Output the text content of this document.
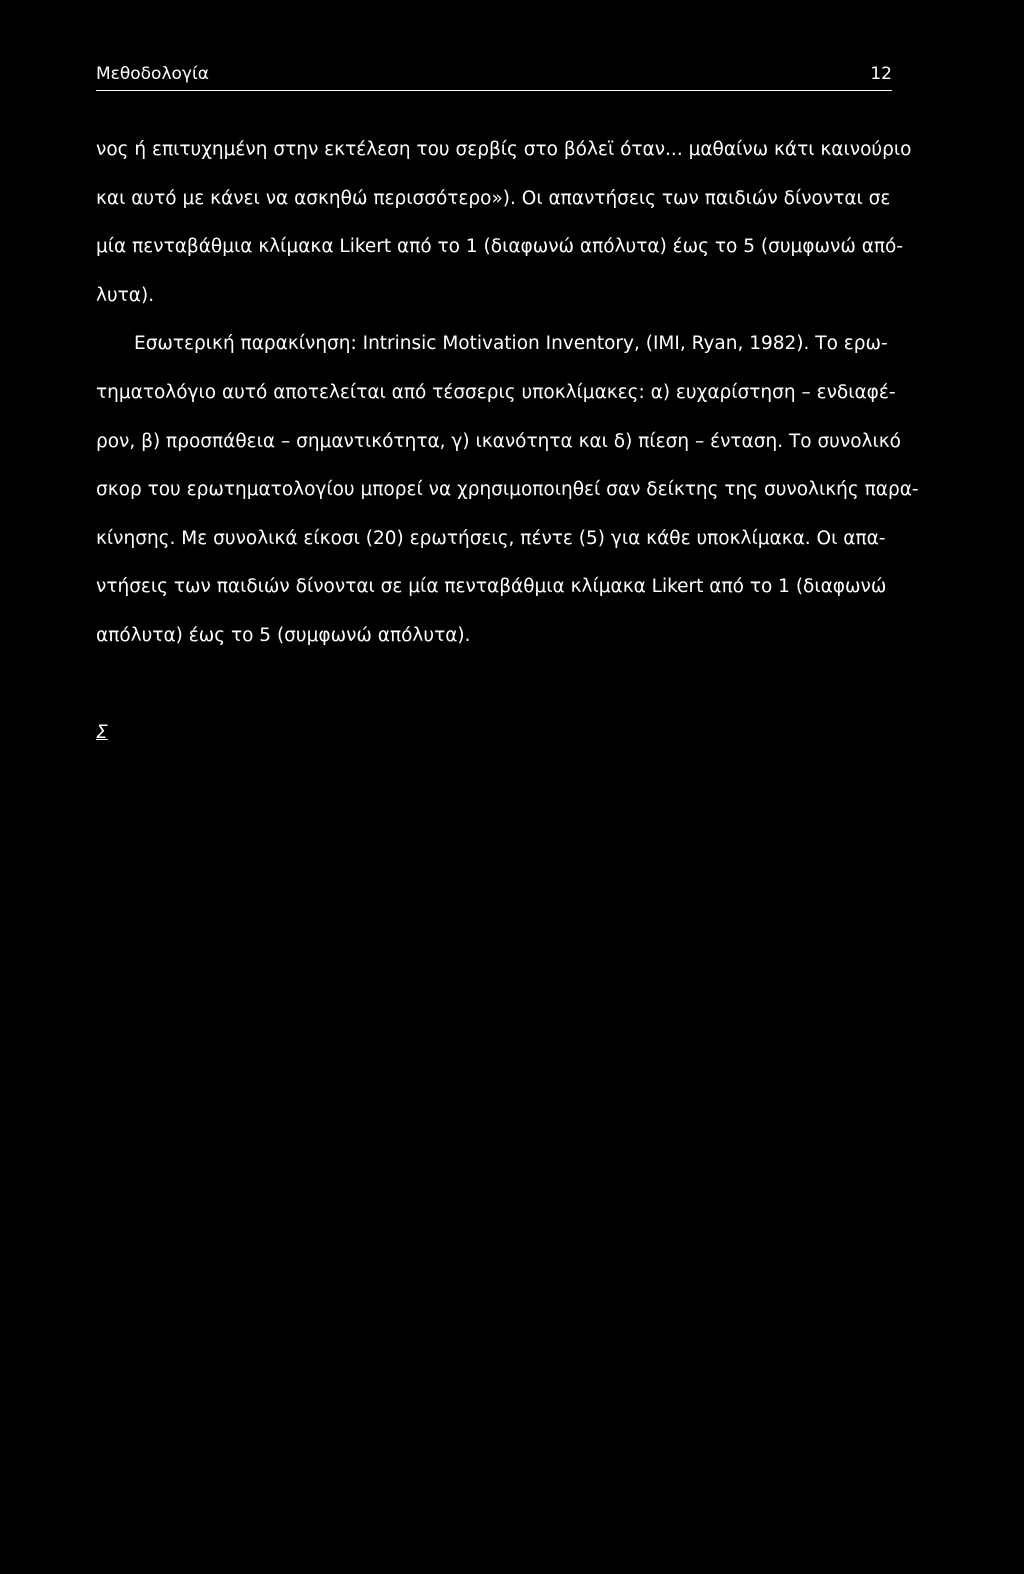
Μεθοδολογία	12

νος ή επιτυχημένη στην εκτέλεση του σερβίς στο βόλεϊ όταν... μαθαίνω κάτι καινούριο
και αυτό με κάνει να ασκηθώ περισσότερο»). Οι απαντήσεις των παιδιών δίνονται σε
μία πενταβάθμια κλίμακα Likert από το 1 (διαφωνώ απόλυτα) έως το 5 (συμφωνώ από-
λυτα).

Εσωτερική παρακίνηση: Intrinsic Motivation Inventory, (IMI, Ryan, 1982). Το ερω-
τηματολόγιο αυτό αποτελείται από τέσσερις υποκλίμακες: α) ευχαρίστηση – ενδιαφέ-
ρον, β) προσπάθεια – σημαντικότητα, γ) ικανότητα και δ) πίεση – ένταση. Το συνολικό
σκορ του ερωτηματολογίου μπορεί να χρησιμοποιηθεί σαν δείκτης της συνολικής παρα-
κίνησης. Με συνολικά είκοσι (20) ερωτήσεις, πέντε (5) για κάθε υποκλίμακα. Οι απα-
ντήσεις των παιδιών δίνονται σε μία πενταβάθμια κλίμακα Likert από το 1 (διαφωνώ
απόλυτα) έως το 5 (συμφωνώ απόλυτα).

Σ
